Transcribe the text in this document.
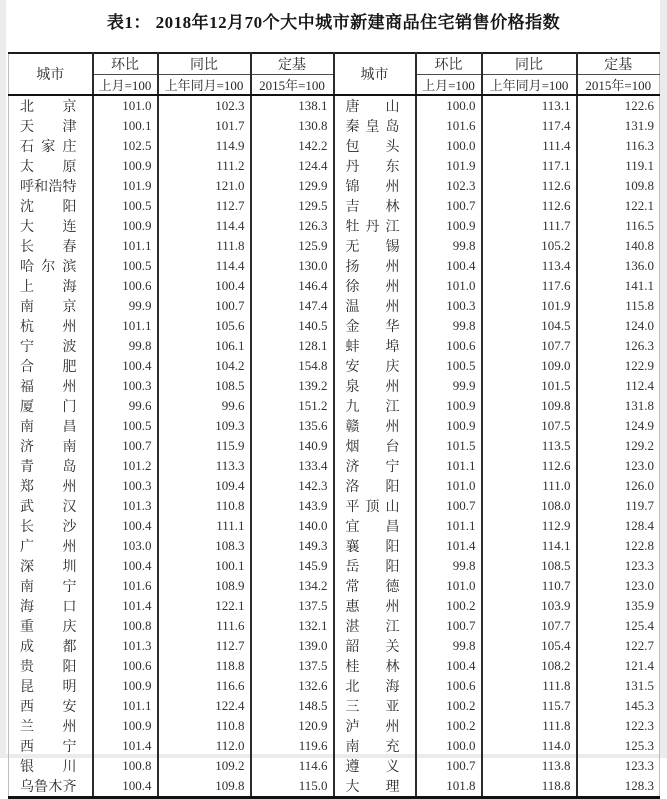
表1： 2018年12月70个大中城市新建商品住宅销售价格指数
城市	环比	同比	定基	城市	环比	同比	定基
	上月=100	上年同月=100	2015年=100		上月=100	上年同月=100	2015年=100
北京	101.0	102.3	138.1	唐山	100.0	113.1	122.6
天津	100.1	101.7	130.8	秦皇岛	101.6	117.4	131.9
石家庄	102.5	114.9	142.2	包头	100.0	111.4	116.3
太原	100.9	111.2	124.4	丹东	101.9	117.1	119.1
呼和浩特	101.9	121.0	129.9	锦州	102.3	112.6	109.8
沈阳	100.5	112.7	129.5	吉林	100.7	112.6	122.1
大连	100.9	114.4	126.3	牡丹江	100.9	111.7	116.5
长春	101.1	111.8	125.9	无锡	99.8	105.2	140.8
哈尔滨	100.5	114.4	130.0	扬州	100.4	113.4	136.0
上海	100.6	100.4	146.4	徐州	101.0	117.6	141.1
南京	99.9	100.7	147.4	温州	100.3	101.9	115.8
杭州	101.1	105.6	140.5	金华	99.8	104.5	124.0
宁波	99.8	106.1	128.1	蚌埠	100.6	107.7	126.3
合肥	100.4	104.2	154.8	安庆	100.5	109.0	122.9
福州	100.3	108.5	139.2	泉州	99.9	101.5	112.4
厦门	99.6	99.6	151.2	九江	100.9	109.8	131.8
南昌	100.5	109.3	135.6	赣州	100.9	107.5	124.9
济南	100.7	115.9	140.9	烟台	101.5	113.5	129.2
青岛	101.2	113.3	133.4	济宁	101.1	112.6	123.0
郑州	100.3	109.4	142.3	洛阳	101.0	111.0	126.0
武汉	101.3	110.8	143.9	平顶山	100.7	108.0	119.7
长沙	100.4	111.1	140.0	宜昌	101.1	112.9	128.4
广州	103.0	108.3	149.3	襄阳	101.4	114.1	122.8
深圳	100.4	100.1	145.9	岳阳	99.8	108.5	123.3
南宁	101.6	108.9	134.2	常德	101.0	110.7	123.0
海口	101.4	122.1	137.5	惠州	100.2	103.9	135.9
重庆	100.8	111.6	132.1	湛江	100.7	107.7	125.4
成都	101.3	112.7	139.0	韶关	99.8	105.4	122.7
贵阳	100.6	118.8	137.5	桂林	100.4	108.2	121.4
昆明	100.9	116.6	132.6	北海	100.6	111.8	131.5
西安	101.1	122.4	148.5	三亚	100.2	115.7	145.3
兰州	100.9	110.8	120.9	泸州	100.2	111.8	122.3
西宁	101.4	112.0	119.6	南充	100.0	114.0	125.3
银川	100.8	109.2	114.6	遵义	100.7	113.8	123.3
乌鲁木齐	100.4	109.8	115.0	大理	101.8	118.8	128.3
